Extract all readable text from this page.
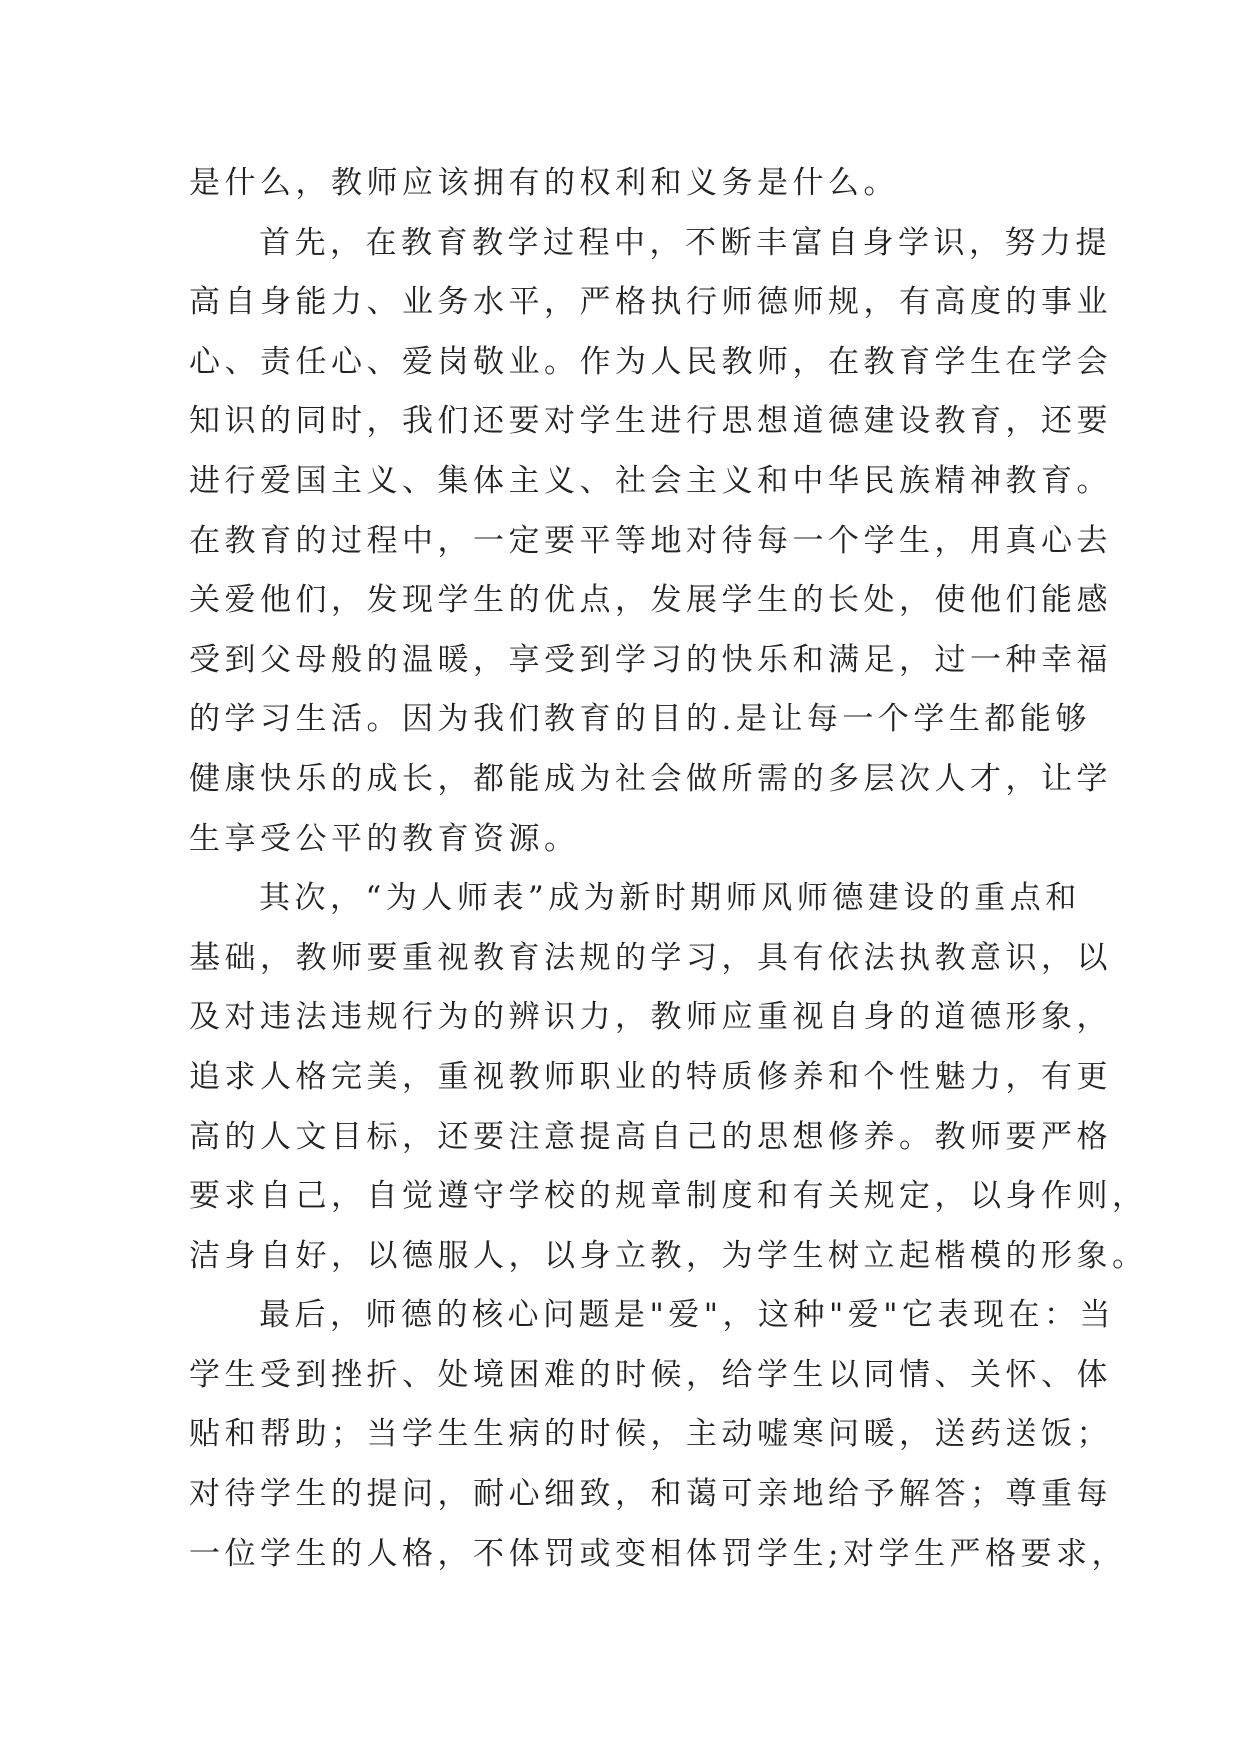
是什么，教师应该拥有的权利和义务是什么。
首先，在教育教学过程中，不断丰富自身学识，努力提
高自身能力、业务水平，严格执行师德师规，有高度的事业
心、责任心、爱岗敬业。作为人民教师，在教育学生在学会
知识的同时，我们还要对学生进行思想道德建设教育，还要
进行爱国主义、集体主义、社会主义和中华民族精神教育。
在教育的过程中，一定要平等地对待每一个学生，用真心去
关爱他们，发现学生的优点，发展学生的长处，使他们能感
受到父母般的温暖，享受到学习的快乐和满足，过一种幸福
的学习生活。因为我们教育的目的.是让每一个学生都能够
健康快乐的成长，都能成为社会做所需的多层次人才，让学
生享受公平的教育资源。
其次，“为人师表”成为新时期师风师德建设的重点和
基础，教师要重视教育法规的学习，具有依法执教意识，以
及对违法违规行为的辨识力，教师应重视自身的道德形象，
追求人格完美，重视教师职业的特质修养和个性魅力，有更
高的人文目标，还要注意提高自己的思想修养。教师要严格
要求自己，自觉遵守学校的规章制度和有关规定，以身作则，
洁身自好，以德服人，以身立教，为学生树立起楷模的形象。
最后，师德的核心问题是"爱"，这种"爱"它表现在：当
学生受到挫折、处境困难的时候，给学生以同情、关怀、体
贴和帮助；当学生生病的时候，主动嘘寒问暖，送药送饭；
对待学生的提问，耐心细致，和蔼可亲地给予解答；尊重每
一位学生的人格，不体罚或变相体罚学生;对学生严格要求，
